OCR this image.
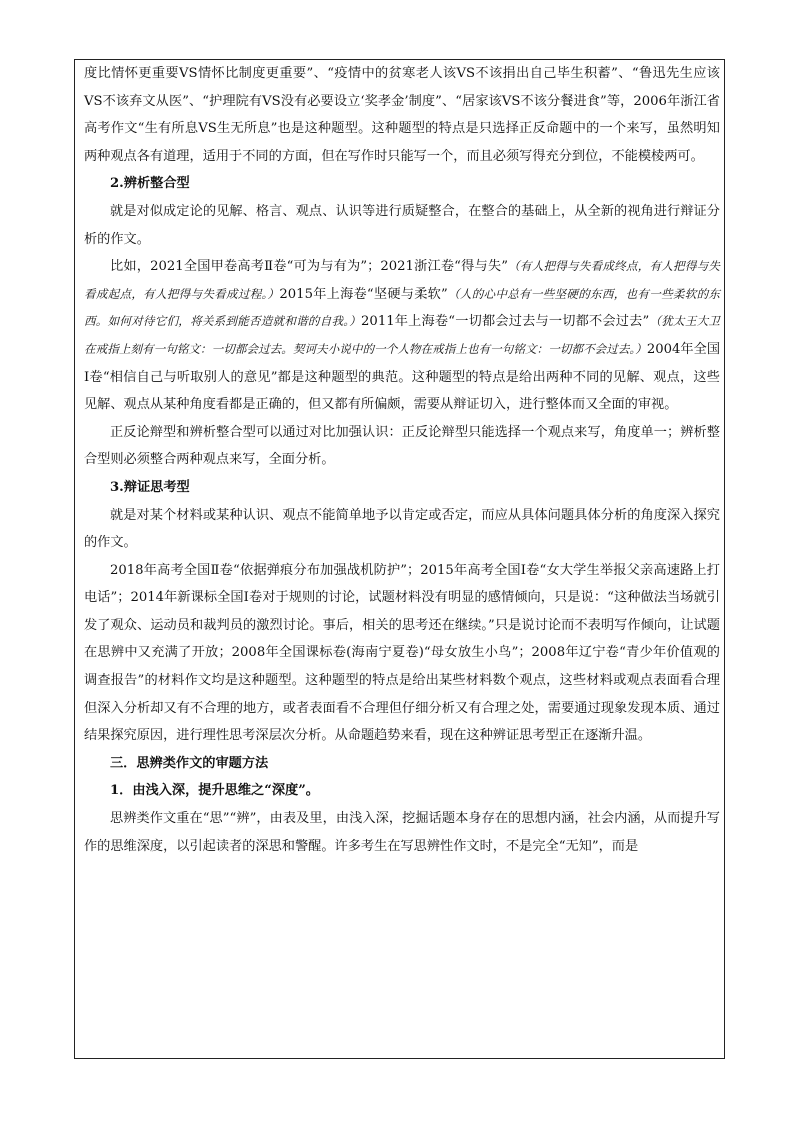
度比情怀更重要VS情怀比制度更重要”、“疫情中的贫寒老人该VS不该捐出自己毕生积蓄”、“鲁迅先生应该VS不该弃文从医”、“护理院有VS没有必要设立‘奖孝金’制度”、“居家该VS不该分餐进食”等，2006年浙江省高考作文“生有所息VS生无所息”也是这种题型。这种题型的特点是只选择正反命题中的一个来写，虽然明知两种观点各有道理，适用于不同的方面，但在写作时只能写一个，而且必须写得充分到位，不能模棱两可。

2.辨析整合型

就是对似成定论的见解、格言、观点、认识等进行质疑整合，在整合的基础上，从全新的视角进行辩证分析的作文。

比如，2021全国甲卷高考Ⅱ卷“可为与有为”；2021浙江卷“得与失”（有人把得与失看成终点，有人把得与失看成起点，有人把得与失看成过程。）2015年上海卷“坚硬与柔软”（人的心中总有一些坚硬的东西，也有一些柔软的东西。如何对待它们，将关系到能否造就和谐的自我。）2011年上海卷“一切都会过去与一切都不会过去”（犹太王大卫在戒指上刻有一句铭文：一切都会过去。契诃夫小说中的一个人物在戒指上也有一句铭文：一切都不会过去。）2004年全国Ⅰ卷“相信自己与听取别人的意见”都是这种题型的典范。这种题型的特点是给出两种不同的见解、观点，这些见解、观点从某种角度看都是正确的，但又都有所偏颇，需要从辩证切入，进行整体而又全面的审视。

正反论辩型和辨析整合型可以通过对比加强认识：正反论辩型只能选择一个观点来写，角度单一；辨析整合型则必须整合两种观点来写，全面分析。

3.辩证思考型

就是对某个材料或某种认识、观点不能简单地予以肯定或否定，而应从具体问题具体分析的角度深入探究的作文。

2018年高考全国Ⅱ卷“依据弹痕分布加强战机防护”；2015年高考全国Ⅰ卷“女大学生举报父亲高速路上打电话”；2014年新课标全国Ⅰ卷对于规则的讨论，试题材料没有明显的感情倾向，只是说：“这种做法当场就引发了观众、运动员和裁判员的激烈讨论。事后，相关的思考还在继续。”只是说讨论而不表明写作倾向，让试题在思辨中又充满了开放；2008年全国课标卷(海南宁夏卷)“母女放生小鸟”；2008年辽宁卷“青少年价值观的调查报告”的材料作文均是这种题型。这种题型的特点是给出某些材料数个观点，这些材料或观点表面看合理但深入分析却又有不合理的地方，或者表面看不合理但仔细分析又有合理之处，需要通过现象发现本质、通过结果探究原因，进行理性思考深层次分析。从命题趋势来看，现在这种辨证思考型正在逐渐升温。

三．思辨类作文的审题方法

1．由浅入深，提升思维之“深度”。

思辨类作文重在“思”“辨”，由表及里，由浅入深，挖掘话题本身存在的思想内涵，社会内涵，从而提升写作的思维深度，以引起读者的深思和警醒。许多考生在写思辨性作文时，不是完全“无知”，而是
